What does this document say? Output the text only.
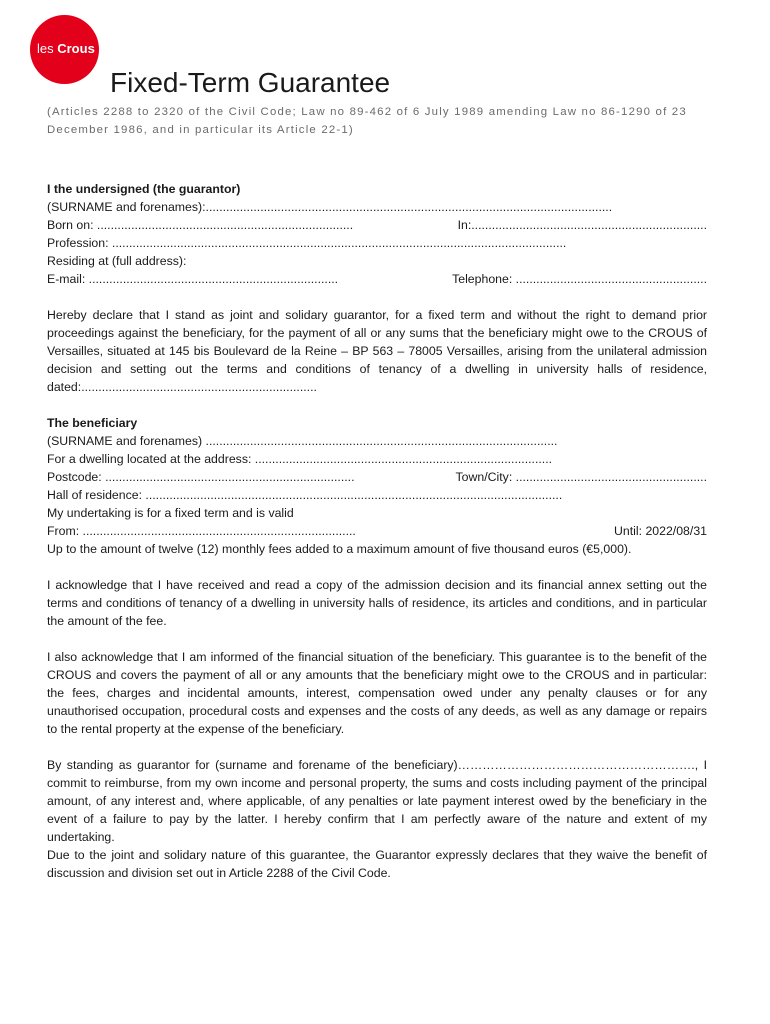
les Crous
Fixed-Term Guarantee

(Articles 2288 to 2320 of the Civil Code; Law no 89-462 of 6 July 1989 amending Law no 86-1290 of 23 December 1986, and in particular its Article 22-1)

I the undersigned (the guarantor)
(SURNAME and forenames):.......................................................................................................................
Born on: ...........................................................................	In:.....................................................................
Profession: .....................................................................................................................................
Residing at (full address):
E-mail: .........................................................................	Telephone: ........................................................

Hereby declare that I stand as joint and solidary guarantor, for a fixed term and without the right to demand prior proceedings against the beneficiary, for the payment of all or any sums that the beneficiary might owe to the CROUS of Versailles, situated at 145 bis Boulevard de la Reine – BP 563 – 78005 Versailles, arising from the unilateral admission decision and setting out the terms and conditions of tenancy of a dwelling in university halls of residence, dated:.....................................................................

The beneficiary
(SURNAME and forenames) .......................................................................................................
For a dwelling located at the address: .......................................................................................
Postcode: .........................................................................	Town/City: ........................................................
Hall of residence: ..........................................................................................................................
My undertaking is for a fixed term and is valid
From: ................................................................................	Until: 2022/08/31

Up to the amount of twelve (12) monthly fees added to a maximum amount of five thousand euros (€5,000).

I acknowledge that I have received and read a copy of the admission decision and its financial annex setting out the terms and conditions of tenancy of a dwelling in university halls of residence, its articles and conditions, and in particular the amount of the fee.

I also acknowledge that I am informed of the financial situation of the beneficiary. This guarantee is to the benefit of the CROUS and covers the payment of all or any amounts that the beneficiary might owe to the CROUS and in particular: the fees, charges and incidental amounts, interest, compensation owed under any penalty clauses or for any unauthorised occupation, procedural costs and expenses and the costs of any deeds, as well as any damage or repairs to the rental property at the expense of the beneficiary.

By standing as guarantor for (surname and forename of the beneficiary)…………………………………………………., I commit to reimburse, from my own income and personal property, the sums and costs including payment of the principal amount, of any interest and, where applicable, of any penalties or late payment interest owed by the beneficiary in the event of a failure to pay by the latter. I hereby confirm that I am perfectly aware of the nature and extent of my undertaking.

Due to the joint and solidary nature of this guarantee, the Guarantor expressly declares that they waive the benefit of discussion and division set out in Article 2288 of the Civil Code.
